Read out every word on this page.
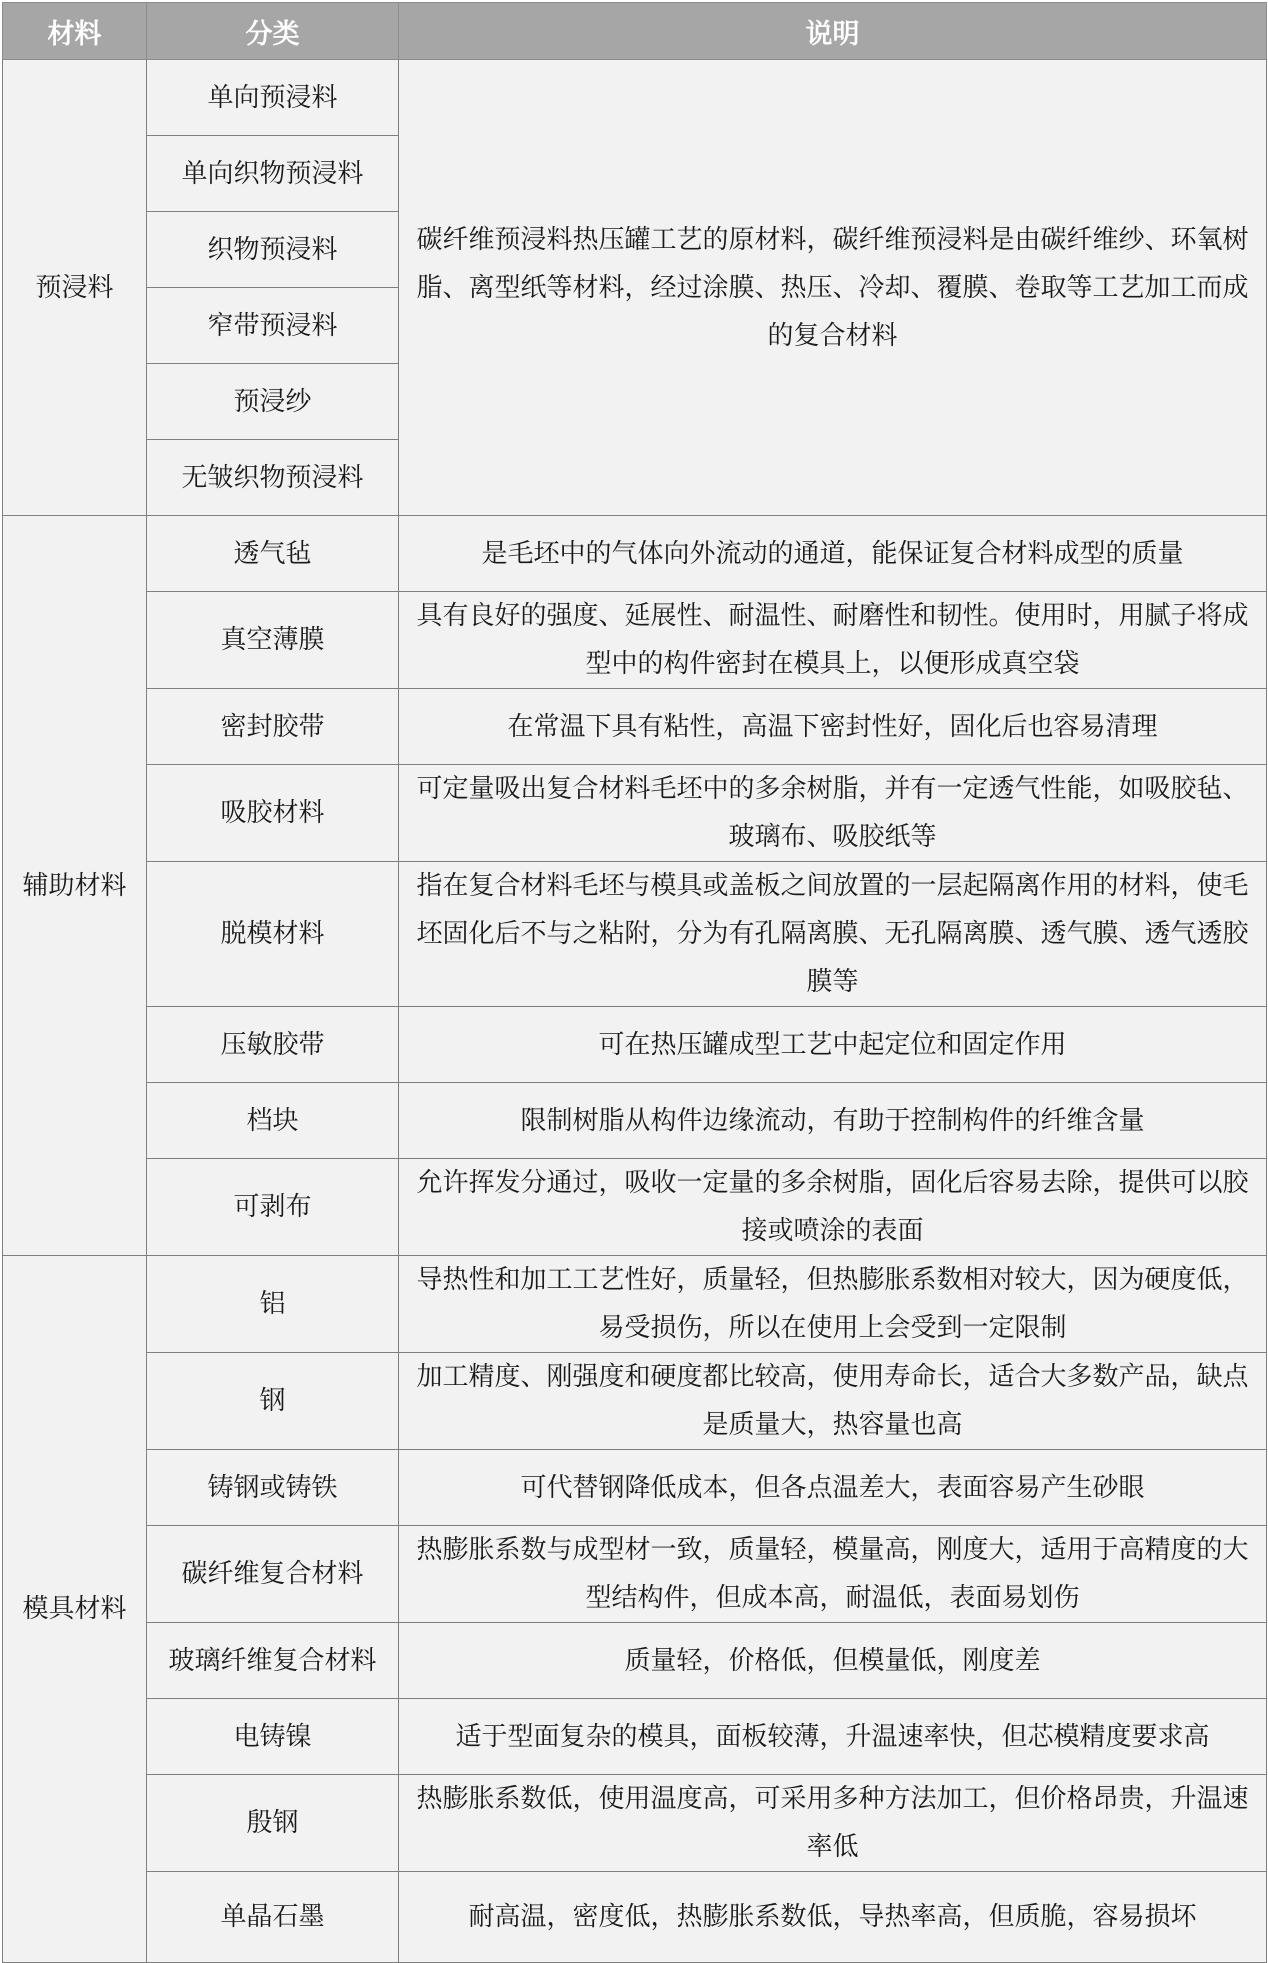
材料	分类	说明
预浸料	单向预浸料	碳纤维预浸料热压罐工艺的原材料，碳纤维预浸料是由碳纤维纱、环氧树脂、离型纸等材料，经过涂膜、热压、冷却、覆膜、卷取等工艺加工而成的复合材料
	单向织物预浸料	
	织物预浸料	
	窄带预浸料	
	预浸纱	
	无皱织物预浸料	
辅助材料	透气毡	是毛坯中的气体向外流动的通道，能保证复合材料成型的质量
	真空薄膜	具有良好的强度、延展性、耐温性、耐磨性和韧性。使用时，用腻子将成型中的构件密封在模具上，以便形成真空袋
	密封胶带	在常温下具有粘性，高温下密封性好，固化后也容易清理
	吸胶材料	可定量吸出复合材料毛坯中的多余树脂，并有一定透气性能，如吸胶毡、玻璃布、吸胶纸等
	脱模材料	指在复合材料毛坯与模具或盖板之间放置的一层起隔离作用的材料，使毛坯固化后不与之粘附，分为有孔隔离膜、无孔隔离膜、透气膜、透气透胶膜等
	压敏胶带	可在热压罐成型工艺中起定位和固定作用
	档块	限制树脂从构件边缘流动，有助于控制构件的纤维含量
	可剥布	允许挥发分通过，吸收一定量的多余树脂，固化后容易去除，提供可以胶接或喷涂的表面
模具材料	铝	导热性和加工工艺性好，质量轻，但热膨胀系数相对较大，因为硬度低，易受损伤，所以在使用上会受到一定限制
	钢	加工精度、刚强度和硬度都比较高，使用寿命长，适合大多数产品，缺点是质量大，热容量也高
	铸钢或铸铁	可代替钢降低成本，但各点温差大，表面容易产生砂眼
	碳纤维复合材料	热膨胀系数与成型材一致，质量轻，模量高，刚度大，适用于高精度的大型结构件，但成本高，耐温低，表面易划伤
	玻璃纤维复合材料	质量轻，价格低，但模量低，刚度差
	电铸镍	适于型面复杂的模具，面板较薄，升温速率快，但芯模精度要求高
	殷钢	热膨胀系数低，使用温度高，可采用多种方法加工，但价格昂贵，升温速率低
	单晶石墨	耐高温，密度低，热膨胀系数低，导热率高，但质脆，容易损坏
